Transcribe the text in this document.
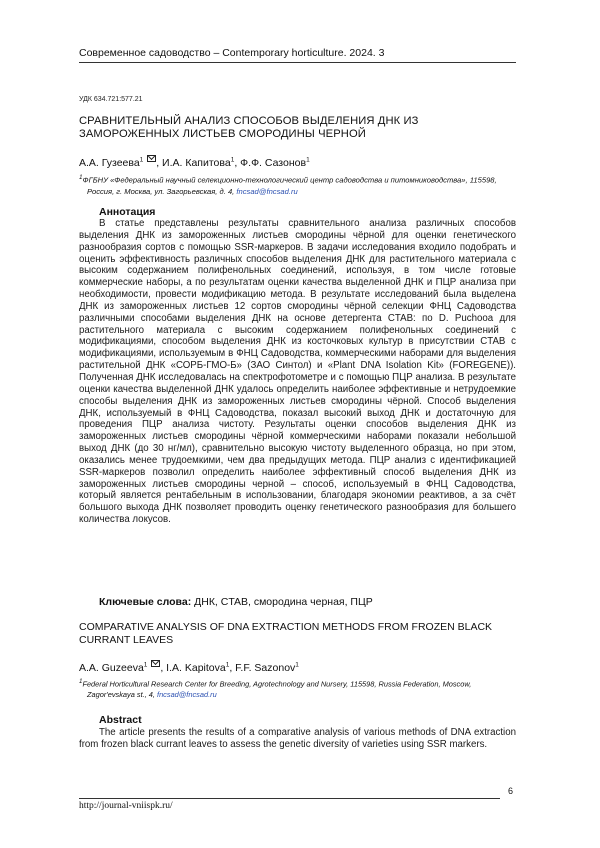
Современное садоводство – Contemporary horticulture. 2024. 3
УДК 634.721:577.21
СРАВНИТЕЛЬНЫЙ АНАЛИЗ СПОСОБОВ ВЫДЕЛЕНИЯ ДНК ИЗ ЗАМОРОЖЕННЫХ ЛИСТЬЕВ СМОРОДИНЫ ЧЕРНОЙ
А.А. Гузеева1 , И.А. Капитова1, Ф.Ф. Сазонов1
1ФГБНУ «Федеральный научный селекционно-технологический центр садоводства и питомниководства», 115598,
Россия, г. Москва, ул. Загорьевская, д. 4, fncsad@fncsad.ru
Аннотация
В статье представлены результаты сравнительного анализа различных способов выделения ДНК из замороженных листьев смородины чёрной для оценки генетического разнообразия сортов с помощью SSR-маркеров. В задачи исследования входило подобрать и оценить эффективность различных способов выделения ДНК для растительного материала с высоким содержанием полифенольных соединений, используя, в том числе готовые коммерческие наборы, а по результатам оценки качества выделенной ДНК и ПЦР анализа при необходимости, провести модификацию метода. В результате исследований была выделена ДНК из замороженных листьев 12 сортов смородины чёрной селекции ФНЦ Садоводства различными способами выделения ДНК на основе детергента CTAB: по D. Puchooa для растительного материала с высоким содержанием полифенольных соединений с модификациями, способом выделения ДНК из косточковых культур в присутствии CTAB с модификациями, используемым в ФНЦ Садоводства, коммерческими наборами для выделения растительной ДНК «СОРБ-ГМО-Б» (ЗАО Синтол) и «Plant DNA Isolation Kit» (FOREGENE)). Полученная ДНК исследовалась на спектрофотометре и с помощью ПЦР анализа. В результате оценки качества выделенной ДНК удалось определить наиболее эффективные и нетрудоемкие способы выделения ДНК из замороженных листьев смородины чёрной. Способ выделения ДНК, используемый в ФНЦ Садоводства, показал высокий выход ДНК и достаточную для проведения ПЦР анализа чистоту. Результаты оценки способов выделения ДНК из замороженных листьев смородины чёрной коммерческими наборами показали небольшой выход ДНК (до 30 нг/мл), сравнительно высокую чистоту выделенного образца, но при этом, оказались менее трудоемкими, чем два предыдущих метода. ПЦР анализ с идентификацией SSR-маркеров позволил определить наиболее эффективный способ выделения ДНК из замороженных листьев смородины черной – способ, используемый в ФНЦ Садоводства, который является рентабельным в использовании, благодаря экономии реактивов, а за счёт большого выхода ДНК позволяет проводить оценку генетического разнообразия для большего количества локусов.
Ключевые слова: ДНК, CTAB, смородина черная, ПЦР
COMPARATIVE ANALYSIS OF DNA EXTRACTION METHODS FROM FROZEN BLACK CURRANT LEAVES
A.A. Guzeeva1 , I.A. Kapitova1, F.F. Sazonov1
1Federal Horticultural Research Center for Breeding, Agrotechnology and Nursery, 115598, Russia Federation, Moscow,
Zagor'evskaya st., 4, fncsad@fncsad.ru
Abstract
The article presents the results of a comparative analysis of various methods of DNA extraction from frozen black currant leaves to assess the genetic diversity of varieties using SSR markers.
6
http://journal-vniispk.ru/
